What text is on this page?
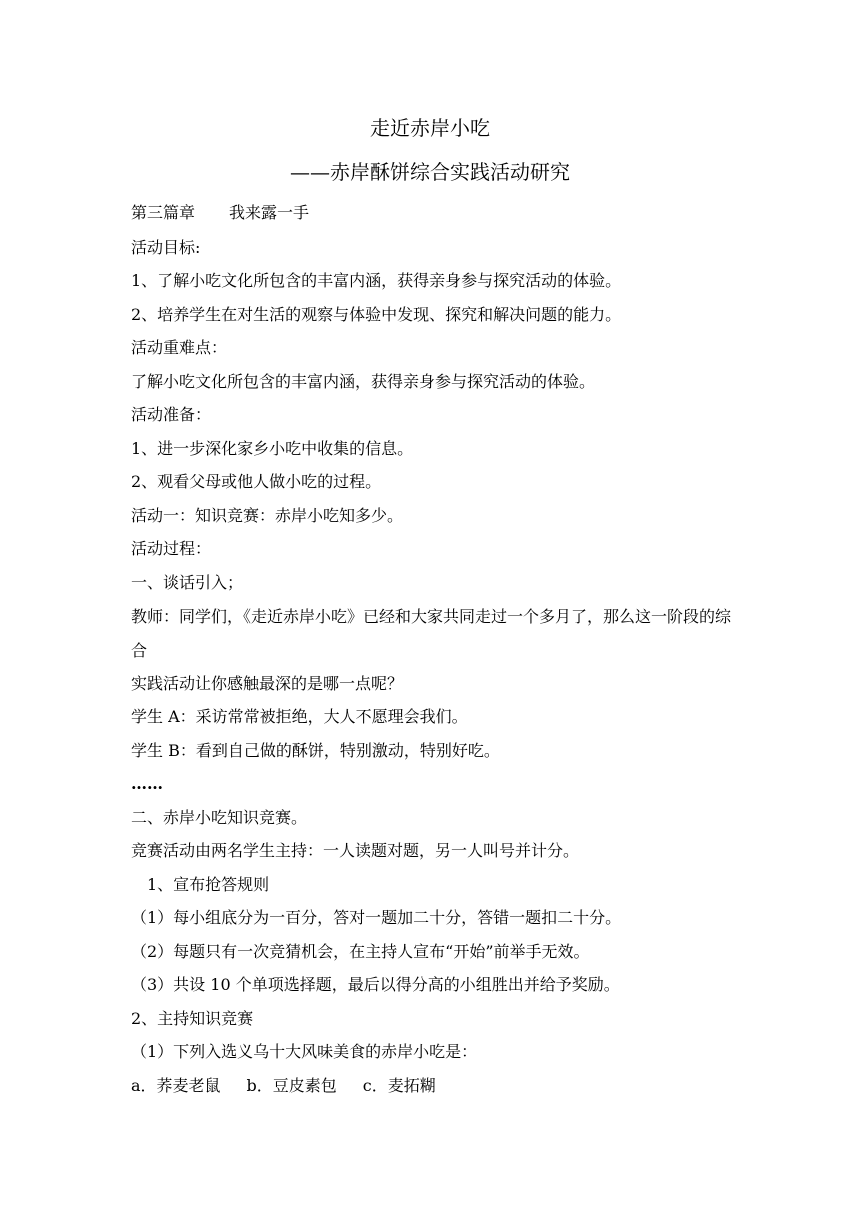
走近赤岸小吃
——赤岸酥饼综合实践活动研究
第三篇章 我来露一手
活动目标:
1、了解小吃文化所包含的丰富内涵，获得亲身参与探究活动的体验。
2、培养学生在对生活的观察与体验中发现、探究和解决问题的能力。
活动重难点：
了解小吃文化所包含的丰富内涵，获得亲身参与探究活动的体验。
活动准备：
1、进一步深化家乡小吃中收集的信息。
2、观看父母或他人做小吃的过程。
活动一：知识竞赛：赤岸小吃知多少。
活动过程：
一、谈话引入；
教师：同学们，《走近赤岸小吃》已经和大家共同走过一个多月了，那么这一阶段的综合
实践活动让你感触最深的是哪一点呢？
学生 A：采访常常被拒绝，大人不愿理会我们。
学生 B：看到自己做的酥饼，特别激动，特别好吃。
……
二、赤岸小吃知识竞赛。
竞赛活动由两名学生主持：一人读题对题，另一人叫号并计分。
1、宣布抢答规则
（1）每小组底分为一百分，答对一题加二十分，答错一题扣二十分。
（2）每题只有一次竞猜机会，在主持人宣布“开始”前举手无效。
（3）共设 10 个单项选择题，最后以得分高的小组胜出并给予奖励。
2、主持知识竞赛
（1）下列入选义乌十大风味美食的赤岸小吃是：
a．荞麦老鼠 b．豆皮素包 c．麦拓糊
